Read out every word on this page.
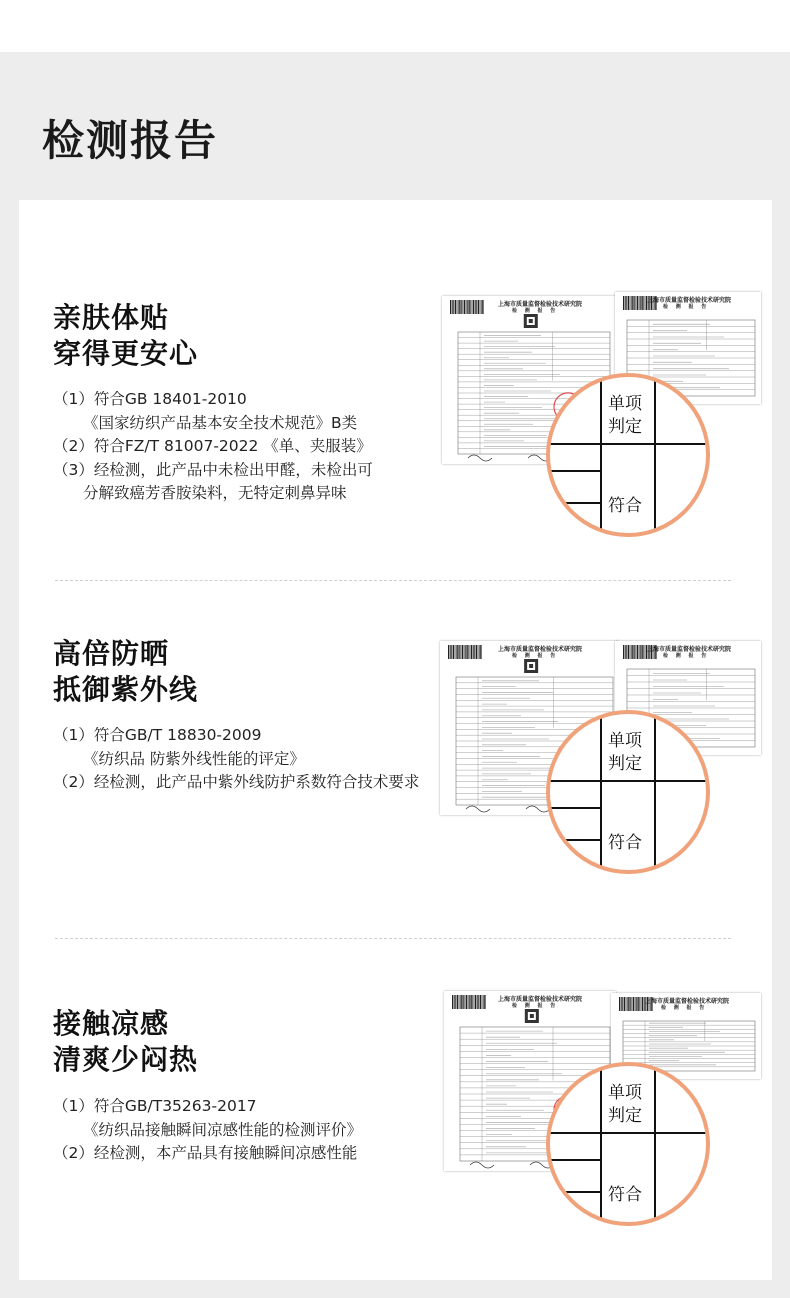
检测报告
亲肤体贴
穿得更安心
（1）符合GB 18401-2010
《国家纺织产品基本安全技术规范》B类
（2）符合FZ/T 81007-2022 《单、夹服装》
（3）经检测，此产品中未检出甲醛，未检出可
分解致癌芳香胺染料，无特定刺鼻异味
上海市质量监督检验技术研究院
检 测 报 告
上海市质量监督检验技术研究院
检 测 报 告
单项
判定
符合
高倍防晒
抵御紫外线
（1）符合GB/T 18830-2009
《纺织品 防紫外线性能的评定》
（2）经检测，此产品中紫外线防护系数符合技术要求
上海市质量监督检验技术研究院
检 测 报 告
上海市质量监督检验技术研究院
检 测 报 告
单项
判定
符合
接触凉感
清爽少闷热
（1）符合GB/T35263-2017
《纺织品接触瞬间凉感性能的检测评价》
（2）经检测，本产品具有接触瞬间凉感性能
上海市质量监督检验技术研究院
检 测 报 告
上海市质量监督检验技术研究院
检 测 报 告
单项
判定
符合
